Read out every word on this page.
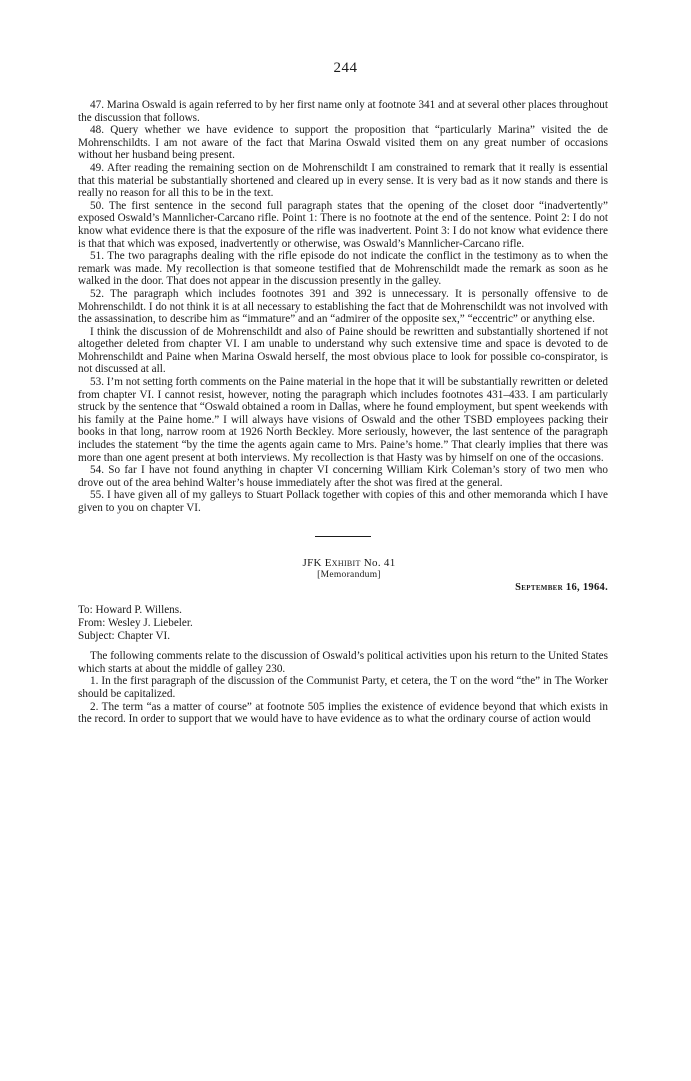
244

47. Marina Oswald is again referred to by her first name only at footnote 341 and at several other places throughout the discussion that follows.

48. Query whether we have evidence to support the proposition that “particularly Marina” visited the de Mohrenschildts. I am not aware of the fact that Marina Oswald visited them on any great number of occasions without her husband being present.

49. After reading the remaining section on de Mohrenschildt I am constrained to remark that it really is essential that this material be substantially shortened and cleared up in every sense. It is very bad as it now stands and there is really no reason for all this to be in the text.

50. The first sentence in the second full paragraph states that the opening of the closet door “inadvertently” exposed Oswald’s Mannlicher-Carcano rifle. Point 1: There is no footnote at the end of the sentence. Point 2: I do not know what evidence there is that the exposure of the rifle was inadvertent. Point 3: I do not know what evidence there is that that which was exposed, inadvertently or otherwise, was Oswald’s Mannlicher-Carcano rifle.

51. The two paragraphs dealing with the rifle episode do not indicate the conflict in the testimony as to when the remark was made. My recollection is that someone testified that de Mohrenschildt made the remark as soon as he walked in the door. That does not appear in the discussion presently in the galley.

52. The paragraph which includes footnotes 391 and 392 is unnecessary. It is personally offensive to de Mohrenschildt. I do not think it is at all necessary to establishing the fact that de Mohrenschildt was not involved with the assassination, to describe him as “immature” and an “admirer of the opposite sex,” “eccentric” or anything else.

I think the discussion of de Mohrenschildt and also of Paine should be rewritten and substantially shortened if not altogether deleted from chapter VI. I am unable to understand why such extensive time and space is devoted to de Mohrenschildt and Paine when Marina Oswald herself, the most obvious place to look for possible co-conspirator, is not discussed at all.

53. I’m not setting forth comments on the Paine material in the hope that it will be substantially rewritten or deleted from chapter VI. I cannot resist, however, noting the paragraph which includes footnotes 431–433. I am particularly struck by the sentence that “Oswald obtained a room in Dallas, where he found employment, but spent weekends with his family at the Paine home.” I will always have visions of Oswald and the other TSBD employees packing their books in that long, narrow room at 1926 North Beckley. More seriously, however, the last sentence of the paragraph includes the statement “by the time the agents again came to Mrs. Paine’s home.” That clearly implies that there was more than one agent present at both interviews. My recollection is that Hasty was by himself on one of the occasions.

54. So far I have not found anything in chapter VI concerning William Kirk Coleman’s story of two men who drove out of the area behind Walter’s house immediately after the shot was fired at the general.

55. I have given all of my galleys to Stuart Pollack together with copies of this and other memoranda which I have given to you on chapter VI.

JFK Exhibit No. 41

[Memorandum]

September 16, 1964.

To: Howard P. Willens.
From: Wesley J. Liebeler.
Subject: Chapter VI.

The following comments relate to the discussion of Oswald’s political activities upon his return to the United States which starts at about the middle of galley 230.

1. In the first paragraph of the discussion of the Communist Party, et cetera, the T on the word “the” in The Worker should be capitalized.

2. The term “as a matter of course” at footnote 505 implies the existence of evidence beyond that which exists in the record. In order to support that we would have to have evidence as to what the ordinary course of action would
